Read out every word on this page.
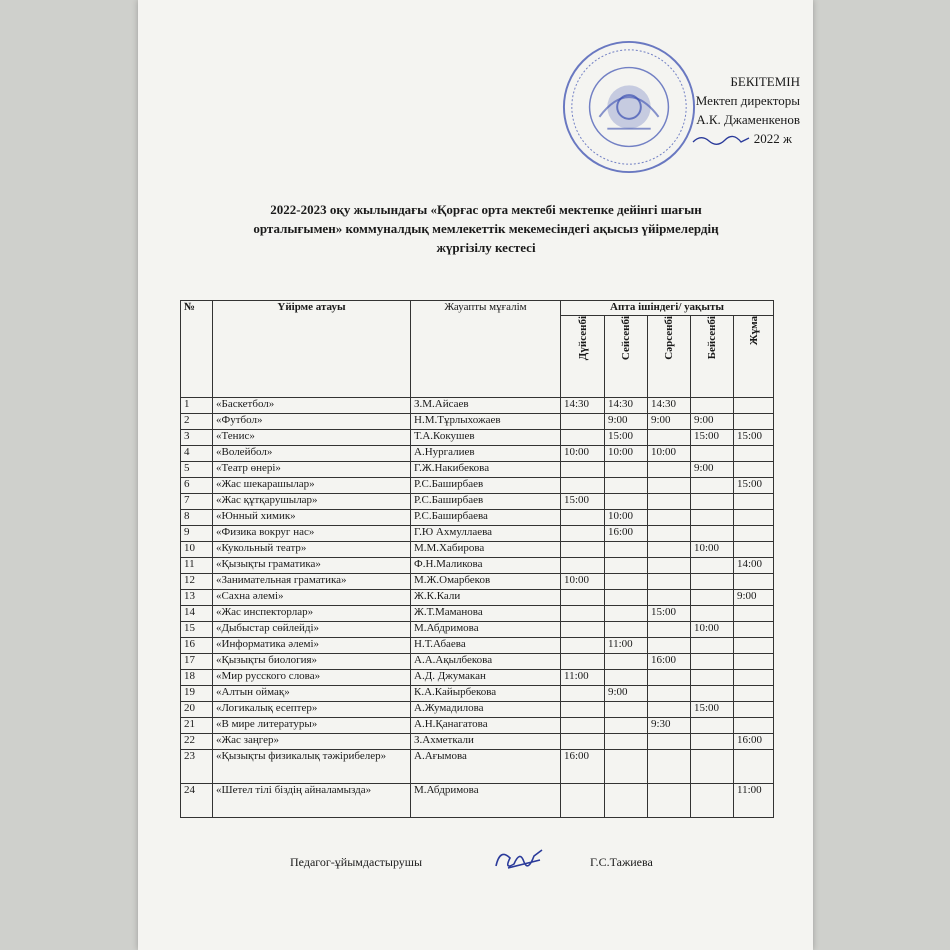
БЕКІТЕМІН
Мектеп директоры
А.К. Джаменкенов
2022 ж
2022-2023 оқу жылындағы «Қорғас орта мектебі мектепке дейінгі шағын
орталығымен» коммуналдық мемлекеттік мекемесіндегі ақысыз үйірмелердің
жүргізілу кестесі
№	Үйірме атауы	Жауапты мұғалім	Апта ішіндегі/ уақыты				
			Дүйсенбі	Сейсенбі	Сәрсенбі	Бейсенбі	Жұма
1	«Баскетбол»	З.М.Айсаев	14:30	14:30	14:30		
2	«Футбол»	Н.М.Тұрлыхожаев		9:00	9:00	9:00	
3	«Тенис»	Т.А.Кокушев		15:00		15:00	15:00
4	«Волейбол»	А.Нургалиев	10:00	10:00	10:00		
5	«Театр өнері»	Г.Ж.Накибекова				9:00	
6	«Жас шекарашылар»	Р.С.Баширбаев					15:00
7	«Жас құтқарушылар»	Р.С.Баширбаев	15:00				
8	«Юнный химик»	Р.С.Баширбаева		10:00			
9	«Физика вокруг нас»	Г.Ю Ахмуллаева		16:00			
10	«Кукольный театр»	М.М.Хабирова				10:00	
11	«Қызықты граматика»	Ф.Н.Маликова					14:00
12	«Занимательная граматика»	М.Ж.Омарбеков	10:00				
13	«Сахна әлемі»	Ж.К.Кали					9:00
14	«Жас инспекторлар»	Ж.Т.Маманова			15:00		
15	«Дыбыстар сөйлейді»	М.Абдримова				10:00	
16	«Информатика әлемі»	Н.Т.Абаева		11:00			
17	«Қызықты биология»	А.А.Ақылбекова			16:00		
18	«Мир русского слова»	А.Д. Джумакан	11:00				
19	«Алтын оймақ»	К.А.Кайырбекова		9:00			
20	«Логикалық есептер»	А.Жумадилова				15:00	
21	«В мире литературы»	А.Н.Қанагатова			9:30		
22	«Жас заңгер»	З.Ахметкали					16:00
23	«Қызықты физикалық тәжірибелер»	А.Ағымова	16:00				
24	«Шетел тілі біздің айналамызда»	М.Абдримова					11:00
Педагог-ұйымдастырушы	Г.С.Тажиева
